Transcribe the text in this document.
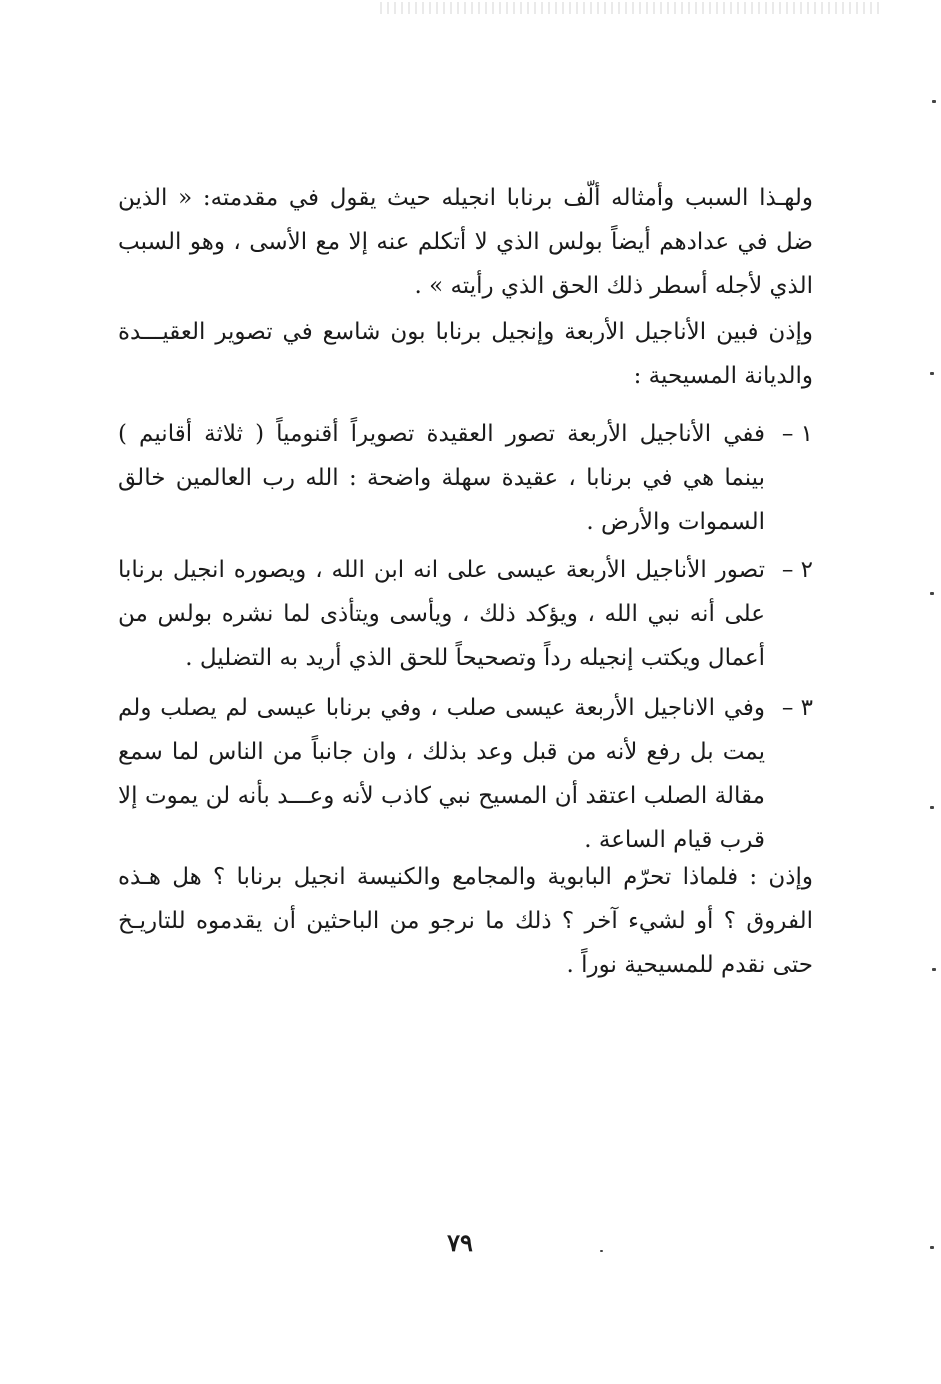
ولهـذا السبب وأمثاله ألّف برنابا انجيله حيث يقول في مقدمته: « الذين ضل في عدادهم أيضاً بولس الذي لا أتكلم عنه إلا مع الأسى ، وهو السبب الذي لأجله أسطر ذلك الحق الذي رأيته » .
وإذن فبين الأناجيل الأربعة وإنجيل برنابا بون شاسع في تصوير العقيـــدة والديانة المسيحية :
١ –
ففي الأناجيل الأربعة تصور العقيدة تصويراً أقنومياً ( ثلاثة أقانيم ) بينما هي في برنابا ، عقيدة سهلة واضحة : الله رب العالمين خالق السموات والأرض .
٢ –
تصور الأناجيل الأربعة عيسى على انه ابن الله ، ويصوره انجيل برنابا على أنه نبي الله ، ويؤكد ذلك ، ويأسى ويتأذى لما نشره بولس من أعمال ويكتب إنجيله رداً وتصحيحاً للحق الذي أريد به التضليل .
٣ –
وفي الاناجيل الأربعة عيسى صلب ، وفي برنابا عيسى لم يصلب ولم يمت بل رفع لأنه من قبل وعد بذلك ، وان جانباً من الناس لما سمع مقالة الصلب اعتقد أن المسيح نبي كاذب لأنه وعـــد بأنه لن يموت إلا قرب قيام الساعة .
وإذن : فلماذا تحرّم البابوية والمجامع والكنيسة انجيل برنابا ؟ هل هـذه الفروق ؟ أو لشيء آخر ؟ ذلك ما نرجو من الباحثين أن يقدموه للتاريـخ حتى نقدم للمسيحية نوراً .
٧٩
